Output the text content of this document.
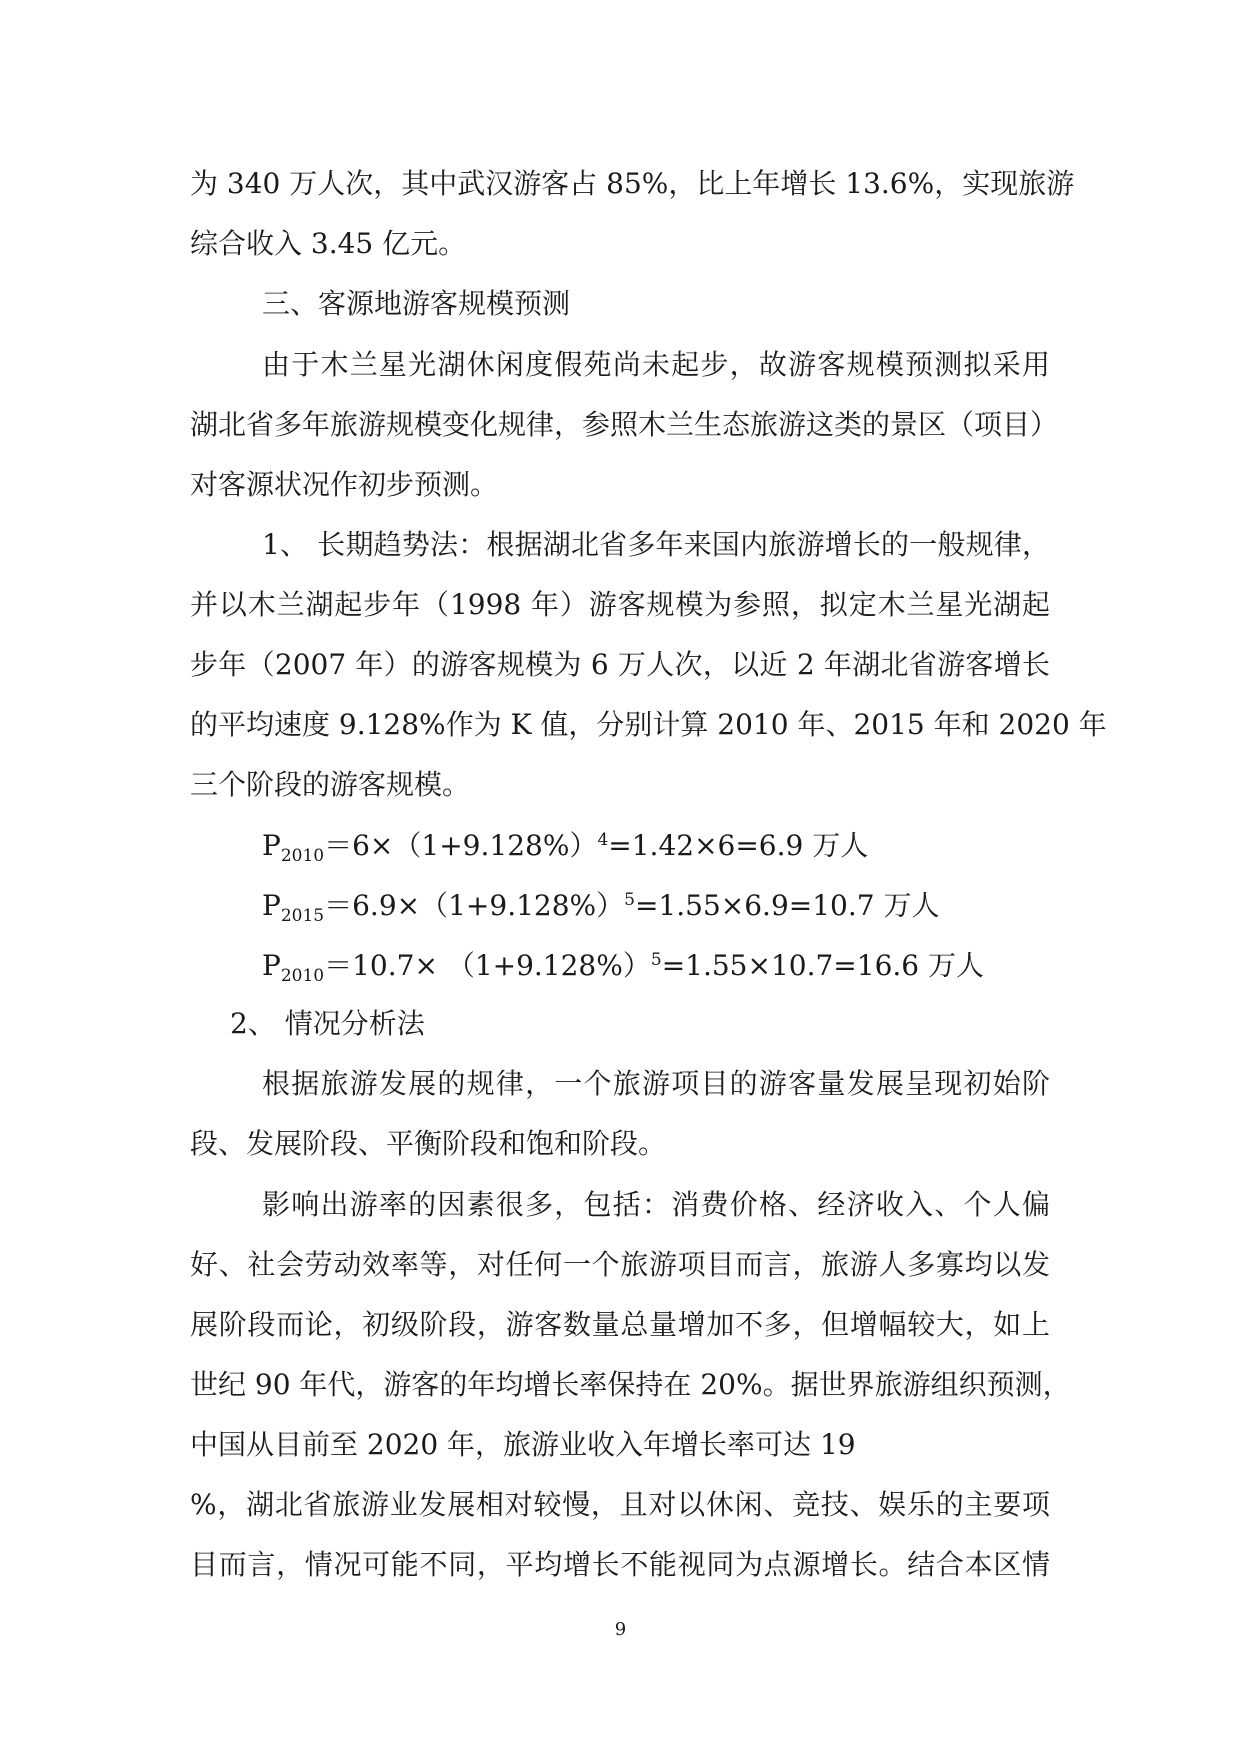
为 340 万人次，其中武汉游客占 85%，比上年增长 13.6%，实现旅游
综合收入 3.45 亿元。
三、客源地游客规模预测
由于木兰星光湖休闲度假苑尚未起步，故游客规模预测拟采用
湖北省多年旅游规模变化规律，参照木兰生态旅游这类的景区（项目）
对客源状况作初步预测。
1、 长期趋势法：根据湖北省多年来国内旅游增长的一般规律，
并以木兰湖起步年（1998 年）游客规模为参照，拟定木兰星光湖起
步年（2007 年）的游客规模为 6 万人次，以近 2 年湖北省游客增长
的平均速度 9.128%作为 K 值，分别计算 2010 年、2015 年和 2020 年
三个阶段的游客规模。
$P_{2010}=6\times(1+9.128\%)^4=1.42\times 6=6.9$ 万人
$P_{2015}=6.9\times(1+9.128\%)^5=1.55\times 6.9=10.7$ 万人
$P_{2010}=10.7\times (1+9.128\%)^5=1.55\times 10.7=16.6$ 万人
2、 情况分析法
根据旅游发展的规律，一个旅游项目的游客量发展呈现初始阶
段、发展阶段、平衡阶段和饱和阶段。
影响出游率的因素很多，包括：消费价格、经济收入、个人偏
好、社会劳动效率等，对任何一个旅游项目而言，旅游人多寡均以发
展阶段而论，初级阶段，游客数量总量增加不多，但增幅较大，如上
世纪 90 年代，游客的年均增长率保持在 20%。据世界旅游组织预测，
中国从目前至 2020 年，旅游业收入年增长率可达 19
%，湖北省旅游业发展相对较慢，且对以休闲、竞技、娱乐的主要项
目而言，情况可能不同，平均增长不能视同为点源增长。结合本区情
9
